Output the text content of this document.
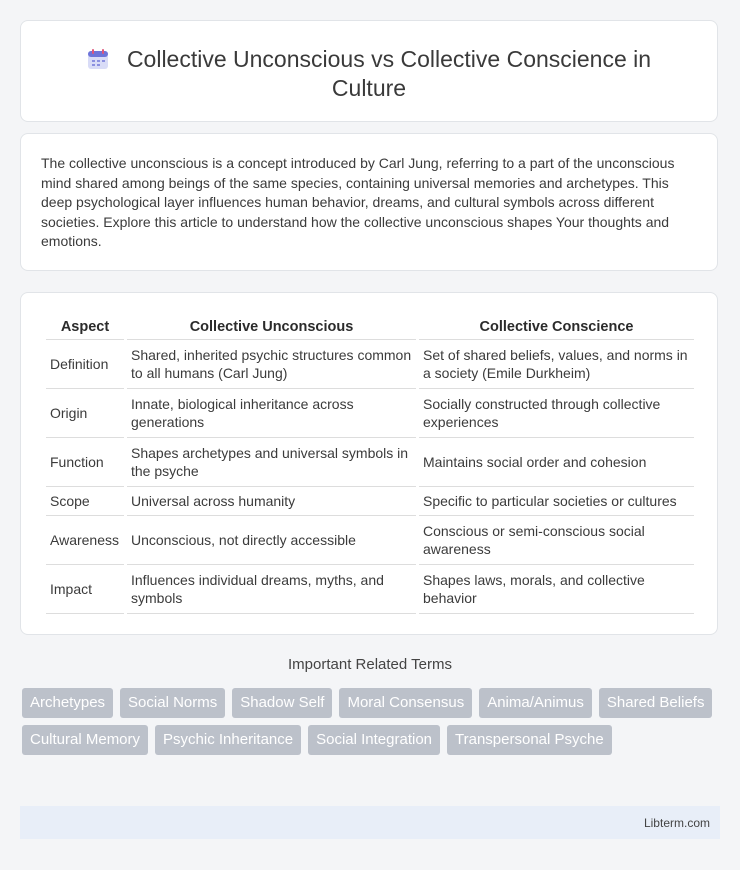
Collective Unconscious vs Collective Conscience in Culture
The collective unconscious is a concept introduced by Carl Jung, referring to a part of the unconscious mind shared among beings of the same species, containing universal memories and archetypes. This deep psychological layer influences human behavior, dreams, and cultural symbols across different societies. Explore this article to understand how the collective unconscious shapes Your thoughts and emotions.
Aspect	Collective Unconscious	Collective Conscience
Definition	Shared, inherited psychic structures common to all humans (Carl Jung)	Set of shared beliefs, values, and norms in a society (Emile Durkheim)
Origin	Innate, biological inheritance across generations	Socially constructed through collective experiences
Function	Shapes archetypes and universal symbols in the psyche	Maintains social order and cohesion
Scope	Universal across humanity	Specific to particular societies or cultures
Awareness	Unconscious, not directly accessible	Conscious or semi-conscious social awareness
Impact	Influences individual dreams, myths, and symbols	Shapes laws, morals, and collective behavior
Important Related Terms
Archetypes	Social Norms	Shadow Self	Moral Consensus	Anima/Animus	Shared Beliefs
Cultural Memory	Psychic Inheritance	Social Integration	Transpersonal Psyche
Libterm.com
